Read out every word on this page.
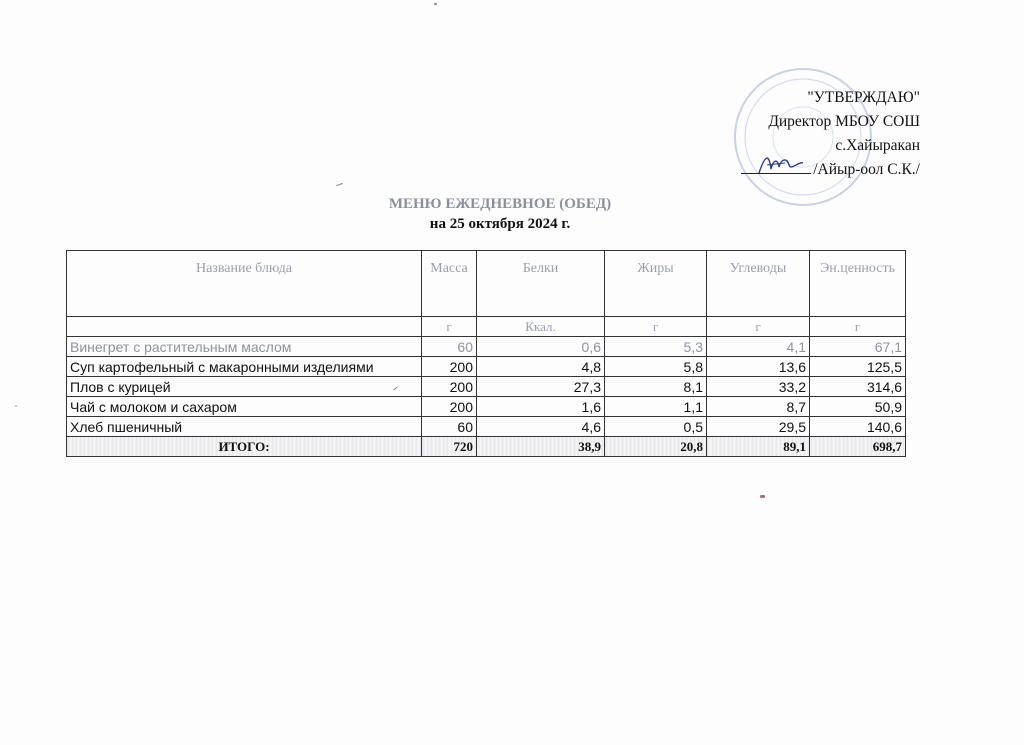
"УТВЕРЖДАЮ"
Директор МБОУ СОШ
с.Хайыракан
/Айыр-оол С.К./
МЕНЮ ЕЖЕДНЕВНОЕ (ОБЕД)
на 25 октября 2024 г.
Название блюда	Масса	Белки	Жиры	Углеводы	Эн.ценность
	г	Ккал.	г	г	г
Винегрет с растительным маслом	60	0,6	5,3	4,1	67,1
Суп картофельный с макаронными изделиями	200	4,8	5,8	13,6	125,5
Плов с курицей	200	27,3	8,1	33,2	314,6
Чай с молоком и сахаром	200	1,6	1,1	8,7	50,9
Хлеб пшеничный	60	4,6	0,5	29,5	140,6
ИТОГО:	720	38,9	20,8	89,1	698,7
